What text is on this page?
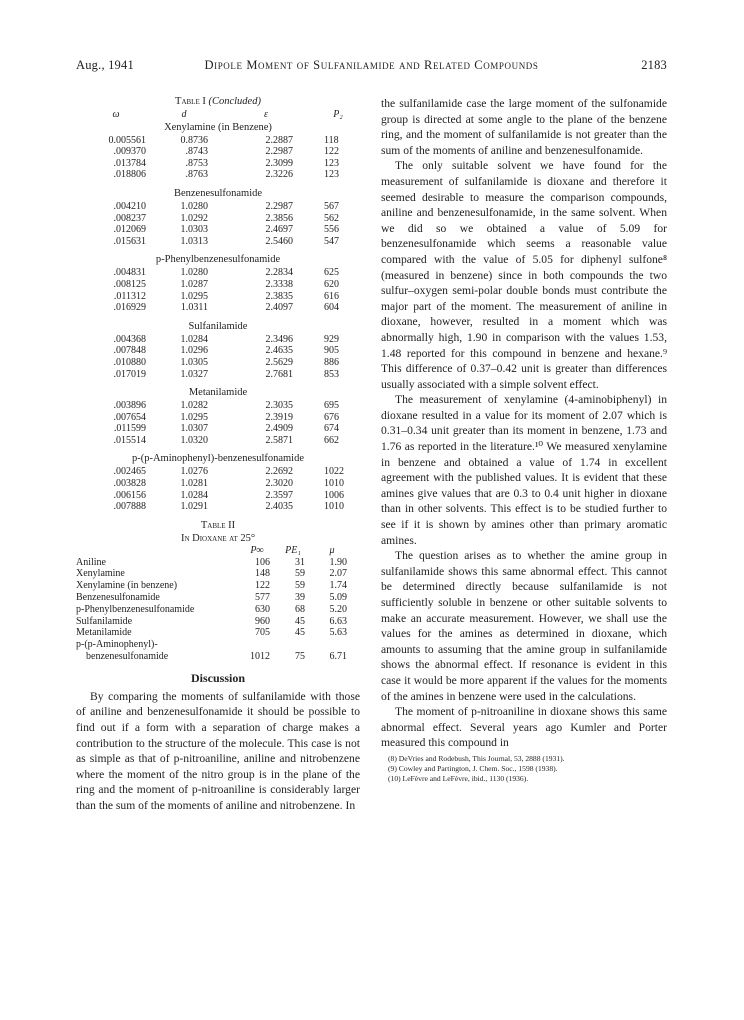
Aug., 1941	Dipole Moment of Sulfanilamide and Related Compounds	2183
Table I (Concluded)
ω	d	ε	P₂
Xenylamine (in Benzene)
0.005561	0.8736	2.2887	118
.009370	.8743	2.2987	122
.013784	.8753	2.3099	123
.018806	.8763	2.3226	123
Benzenesulfonamide
.004210	1.0280	2.2987	567
.008237	1.0292	2.3856	562
.012069	1.0303	2.4697	556
.015631	1.0313	2.5460	547
p-Phenylbenzenesulfonamide
.004831	1.0280	2.2834	625
.008125	1.0287	2.3338	620
.011312	1.0295	2.3835	616
.016929	1.0311	2.4097	604
Sulfanilamide
.004368	1.0284	2.3496	929
.007848	1.0296	2.4635	905
.010880	1.0305	2.5629	886
.017019	1.0327	2.7681	853
Metanilamide
.003896	1.0282	2.3035	695
.007654	1.0295	2.3919	676
.011599	1.0307	2.4909	674
.015514	1.0320	2.5871	662
p-(p-Aminophenyl)-benzenesulfonamide
.002465	1.0276	2.2692	1022
.003828	1.0281	2.3020	1010
.006156	1.0284	2.3597	1006
.007888	1.0291	2.4035	1010
Table II
In Dioxane at 25°
P∞	PE₁	μ
Aniline	106	31	1.90
Xenylamine	148	59	2.07
Xenylamine (in benzene)	122	59	1.74
Benzenesulfonamide	577	39	5.09
p-Phenylbenzenesulfonamide	630	68	5.20
Sulfanilamide	960	45	6.63
Metanilamide	705	45	5.63
p-(p-Aminophenyl)-
benzenesulfonamide	1012	75	6.71
Discussion

By comparing the moments of sulfanilamide with those of aniline and benzenesulfonamide it should be possible to find out if a form with a separation of charge makes a contribution to the structure of the molecule. This case is not as simple as that of p-nitroaniline, aniline and nitrobenzene where the moment of the nitro group is in the plane of the ring and the moment of p-nitroaniline is considerably larger than the sum of the moments of aniline and nitrobenzene. In

the sulfanilamide case the large moment of the sulfonamide group is directed at some angle to the plane of the benzene ring, and the moment of sulfanilamide is not greater than the sum of the moments of aniline and benzenesulfonamide.

The only suitable solvent we have found for the measurement of sulfanilamide is dioxane and therefore it seemed desirable to measure the comparison compounds, aniline and benzenesulfonamide, in the same solvent. When we did so we obtained a value of 5.09 for benzenesulfonamide which seems a reasonable value compared with the value of 5.05 for diphenyl sulfone⁸ (measured in benzene) since in both compounds the two sulfur–oxygen semi-polar double bonds must contribute the major part of the moment. The measurement of aniline in dioxane, however, resulted in a moment which was abnormally high, 1.90 in comparison with the values 1.53, 1.48 reported for this compound in benzene and hexane.⁹ This difference of 0.37–0.42 unit is greater than differences usually associated with a simple solvent effect.

The measurement of xenylamine (4-aminobiphenyl) in dioxane resulted in a value for its moment of 2.07 which is 0.31–0.34 unit greater than its moment in benzene, 1.73 and 1.76 as reported in the literature.¹⁰ We measured xenylamine in benzene and obtained a value of 1.74 in excellent agreement with the published values. It is evident that these amines give values that are 0.3 to 0.4 unit higher in dioxane than in other solvents. This effect is to be studied further to see if it is shown by amines other than primary aromatic amines.

The question arises as to whether the amine group in sulfanilamide shows this same abnormal effect. This cannot be determined directly because sulfanilamide is not sufficiently soluble in benzene or other suitable solvents to make an accurate measurement. However, we shall use the values for the amines as determined in dioxane, which amounts to assuming that the amine group in sulfanilamide shows the abnormal effect. If resonance is evident in this case it would be more apparent if the values for the moments of the amines in benzene were used in the calculations.

The moment of p-nitroaniline in dioxane shows this same abnormal effect. Several years ago Kumler and Porter measured this compound in

(8) DeVries and Rodebush, This Journal, 53, 2888 (1931).
(9) Cowley and Partington, J. Chem. Soc., 1598 (1938).
(10) LeFèvre and LeFèvre, ibid., 1130 (1936).
